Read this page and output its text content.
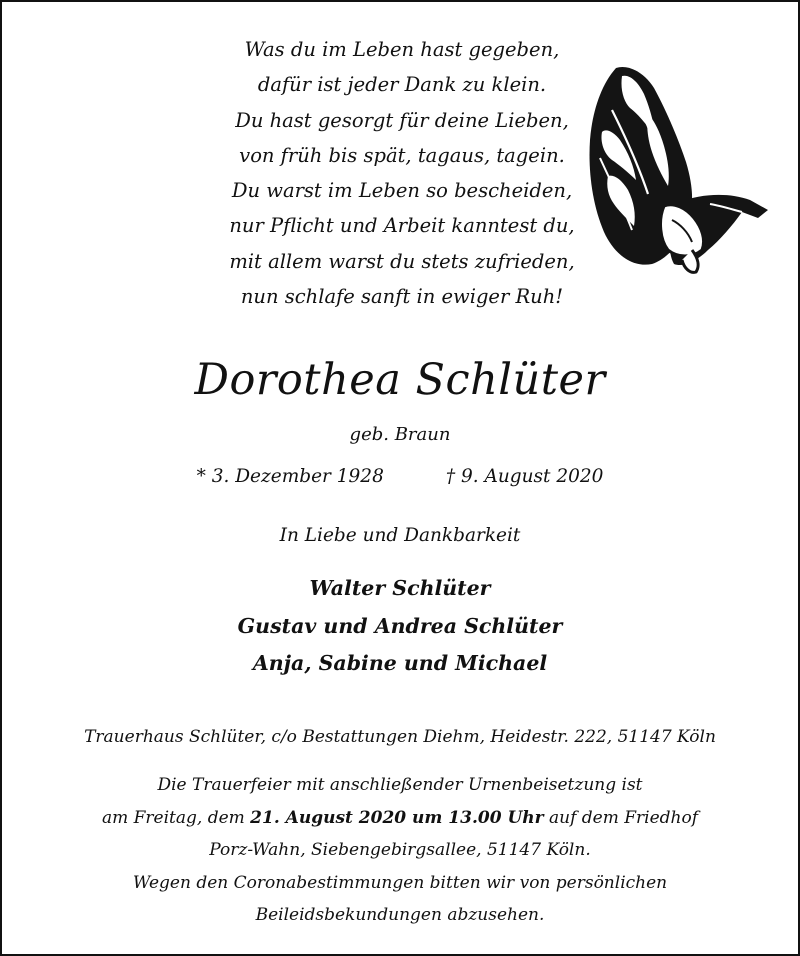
Was du im Leben hast gegeben,
dafür ist jeder Dank zu klein.
Du hast gesorgt für deine Lieben,
von früh bis spät, tagaus, tagein.
Du warst im Leben so bescheiden,
nur Pflicht und Arbeit kanntest du,
mit allem warst du stets zufrieden,
nun schlafe sanft in ewiger Ruh!
Dorothea Schlüter
geb. Braun
* 3. Dezember 1928	† 9. August 2020
In Liebe und Dankbarkeit
Walter Schlüter
Gustav und Andrea Schlüter
Anja, Sabine und Michael
Trauerhaus Schlüter, c/o Bestattungen Diehm, Heidestr. 222, 51147 Köln
Die Trauerfeier mit anschließender Urnenbeisetzung ist
am Freitag, dem 21. August 2020 um 13.00 Uhr auf dem Friedhof
Porz-Wahn, Siebengebirgsallee, 51147 Köln.
Wegen den Coronabestimmungen bitten wir von persönlichen
Beileidsbekundungen abzusehen.
